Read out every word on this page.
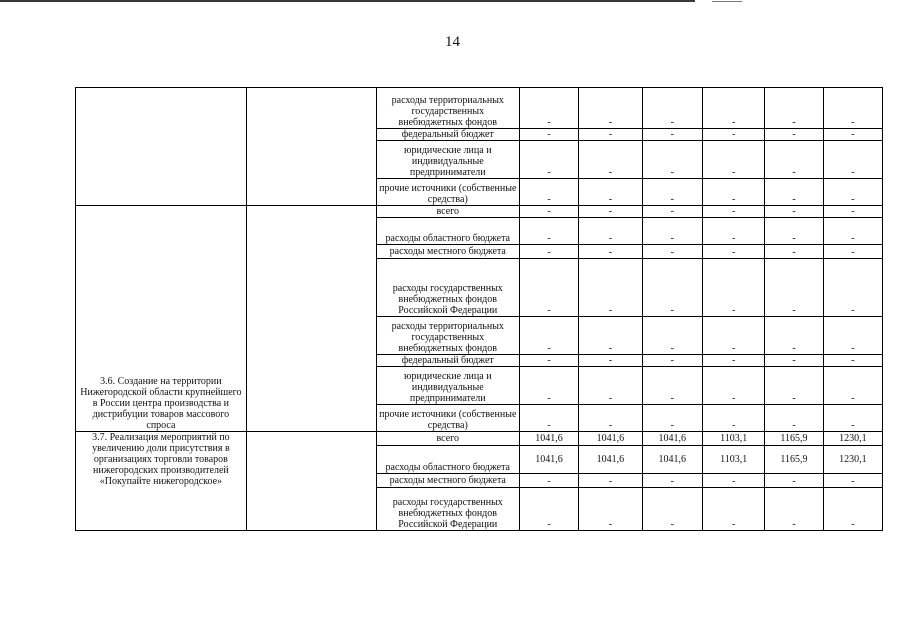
14
		расходы территориальных государственных внебюджетных фондов	-	-	-	-	-	-
		федеральный бюджет	-	-	-	-	-	-
		юридические лица и индивидуальные предприниматели	-	-	-	-	-	-
		прочие источники (собственные средства)	-	-	-	-	-	-
3.6. Создание на территории Нижегородской области крупнейшего в России центра производства и дистрибуции товаров массового спроса		всего	-	-	-	-	-	-
		расходы областного бюджета	-	-	-	-	-	-
		расходы местного бюджета	-	-	-	-	-	-
		расходы государственных внебюджетных фондов Российской Федерации	-	-	-	-	-	-
		расходы территориальных государственных внебюджетных фондов	-	-	-	-	-	-
		федеральный бюджет	-	-	-	-	-	-
		юридические лица и индивидуальные предприниматели	-	-	-	-	-	-
		прочие источники (собственные средства)	-	-	-	-	-	-
3.7. Реализация мероприятий по увеличению доли присутствия в организациях торговли товаров нижегородских производителей «Покупайте нижегородское»		всего	1041,6	1041,6	1041,6	1103,1	1165,9	1230,1
		расходы областного бюджета	1041,6	1041,6	1041,6	1103,1	1165,9	1230,1
		расходы местного бюджета	-	-	-	-	-	-
		расходы государственных внебюджетных фондов Российской Федерации	-	-	-	-	-	-
